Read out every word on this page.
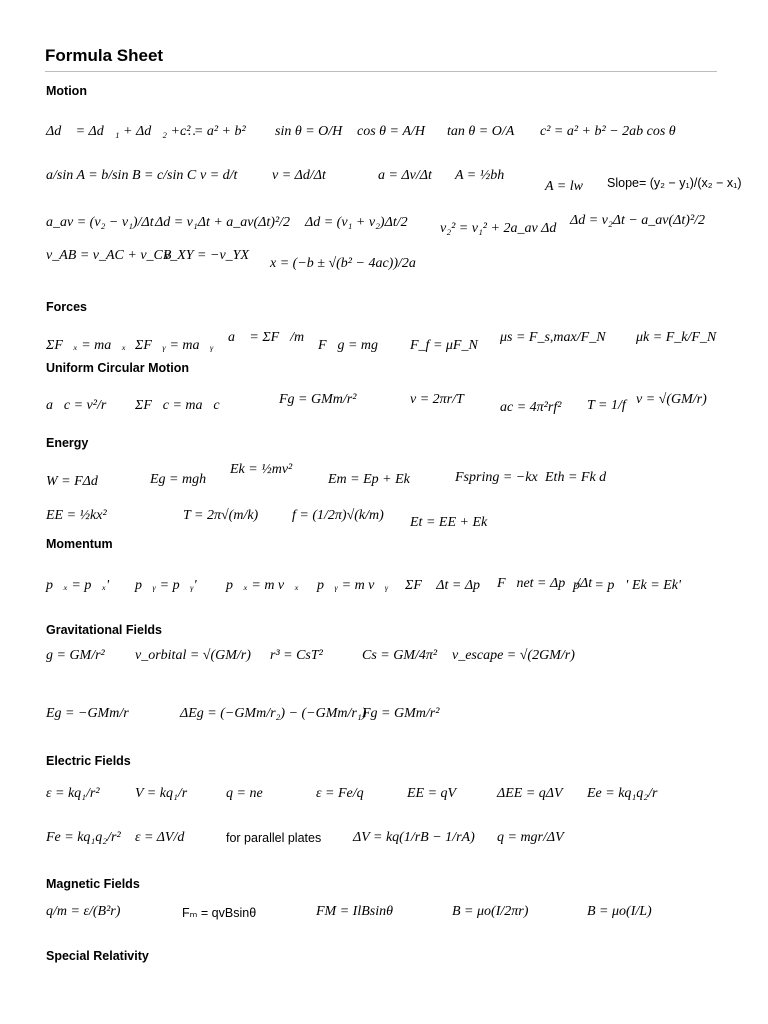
Formula Sheet
Motion
Δd⃗ = Δd⃗₁ + Δd⃗₂ + …
c² = a² + b² sin θ = O/H cos θ = A/H tan θ = O/A c² = a² + b² − 2ab cos θ
a/sin A = b/sin B = c/sin C v = d/t v = Δd/Δt	a = Δv/Δt A = ½bh
A = lw Slope= (y₂ − y₁)/(x₂ − x₁)
a_av = (v₂ − v₁)/Δt Δd = v₁Δt + a_av(Δt)²/2 Δd = (v₁ + v₂)Δt/2 v₂² = v₁² + 2a_av Δd
Δd = v₂Δt − a_av(Δt)²/2
v_AB = v_AC + v_CB
v_XY = −v_YX
x = (−b ± √(b² − 4ac))/2a
Forces
ΣF⃗ₓ = ma⃗ₓ ΣF⃗ᵧ = ma⃗ᵧ
a⃗ = ΣF⃗/m
F⃗g = mg⃗ F_f = μF_N
μs = F_s,max/F_N μk = F_k/F_N
Uniform Circular Motion
a⃗c = v²/r ΣF⃗c = ma⃗c	Fg = GMm/r²	v = 2πr/T
ac = 4π²rf² T = 1/f v = √(GM/r)
Energy
W = FΔd	Eg = mgh
Ek = ½mv²
Em = Ep + Ek	Fspring = −kx Eth = Fk d
EE = ½kx²	T = 2π√(m/k) f = (1/2π)√(k/m) Et = EE + Ek
Momentum
p⃗ₓ = p⃗ₓ' p⃗ᵧ = p⃗ᵧ' p⃗ₓ = m v⃗ₓ p⃗ᵧ = m v⃗ᵧ ΣF⃗ Δt = Δp⃗ F⃗net = Δp⃗/Δt
p⃗ = p⃗' Ek = Ek'
Gravitational Fields
g = GM/r² v_orbital = √(GM/r) r³ = CsT²	Cs = GM/4π² v_escape = √(2GM/r)
Eg = −GMm/r	ΔEg = (−GMm/r₂) − (−GMm/r₁)
Fg = GMm/r²
Electric Fields
ε = kq₁/r²	V = kq₁/r	q = ne	ε = Fe/q	EE = qV	ΔEE = qΔV Ee = kq₁q₂/r
Fe = kq₁q₂/r² ε = ΔV/d	for parallel plates ΔV = kq(1/rB − 1/rA) q = mgr/ΔV
Magnetic Fields
q/m = ε/(B²r)	Fₘ = qvBsinθ	FM = IlBsinθ	B = μo(I/2πr)	B = μo(I/L)
Special Relativity
